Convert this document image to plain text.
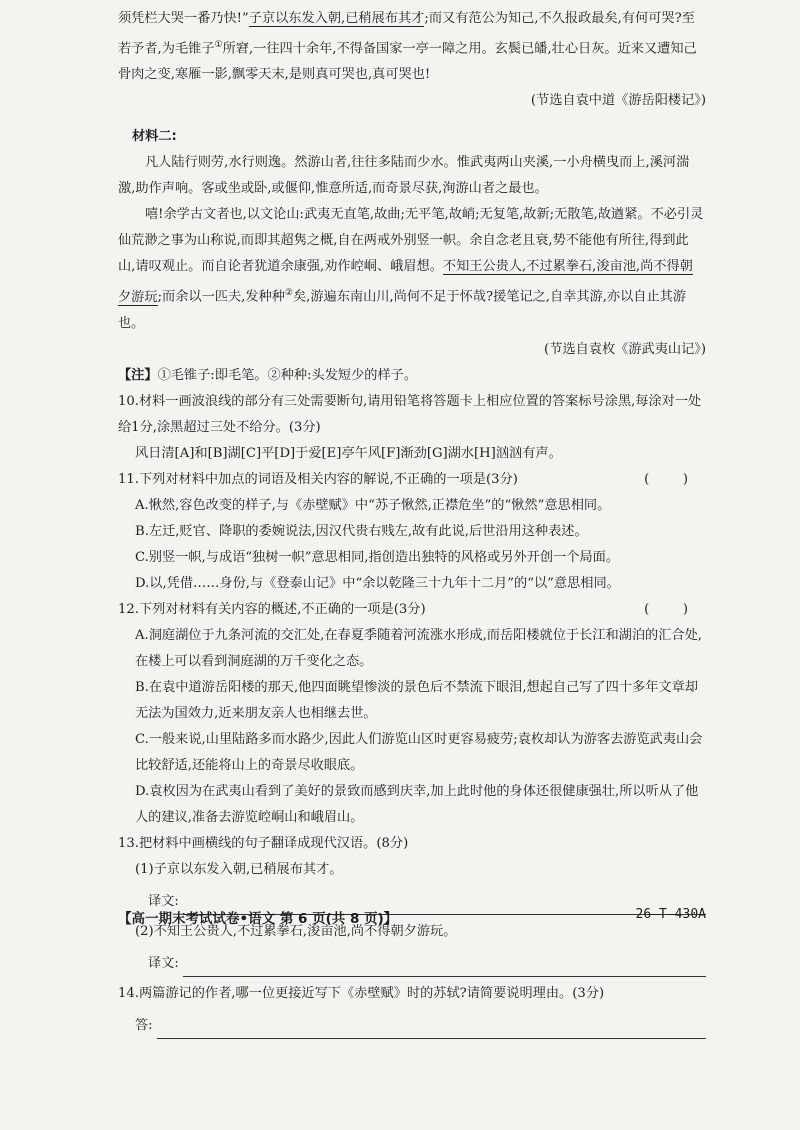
须凭栏大哭一番乃快!”子京以东发入朝,已稍展布其才;而又有范公为知己,不久报政最矣,有何可哭?至若予者,为毛锥子①所窘,一往四十余年,不得备国家一亭一障之用。玄鬓已皤,壮心日灰。近来又遭知己骨肉之变,寒雁一影,飘零天末,是则真可哭也,真可哭也!

(节选自袁中道《游岳阳楼记》)

材料二:

凡人陆行则劳,水行则逸。然游山者,往往多陆而少水。惟武夷两山夹溪,一小舟横曳而上,溪河湍激,助作声响。客或坐或卧,或偃仰,惟意所适,而奇景尽获,洵游山者之最也。

嘻!余学古文者也,以文论山:武夷无直笔,故曲;无平笔,故峭;无复笔,故新;无散笔,故遒紧。不必引灵仙荒渺之事为山称说,而即其超隽之概,自在两戒外别竖一帜。余自念老且衰,势不能他有所往,得到此山,请叹观止。而自论者犹道余康强,劝作崆峒、峨眉想。不知王公贵人,不过累拳石,浚亩池,尚不得朝夕游玩;而余以一匹夫,发种种②矣,游遍东南山川,尚何不足于怀哉?援笔记之,自幸其游,亦以自止其游也。

(节选自袁枚《游武夷山记》)

【注】①毛锥子:即毛笔。②种种:头发短少的样子。

10.材料一画波浪线的部分有三处需要断句,请用铅笔将答题卡上相应位置的答案标号涂黑,每涂对一处给1分,涂黑超过三处不给分。(3分)

风日清[A]和[B]湖[C]平[D]于爱[E]亭午风[F]渐劲[G]湖水[H]汹汹有声。

11.下列对材料中加点的词语及相关内容的解说,不正确的一项是(3分)	(        )

A.愀然,容色改变的样子,与《赤壁赋》中“苏子愀然,正襟危坐”的“愀然”意思相同。

B.左迁,贬官、降职的委婉说法,因汉代贵右贱左,故有此说,后世沿用这种表述。

C.别竖一帜,与成语“独树一帜”意思相同,指创造出独特的风格或另外开创一个局面。

D.以,凭借……身份,与《登泰山记》中“余以乾隆三十九年十二月”的“以”意思相同。

12.下列对材料有关内容的概述,不正确的一项是(3分)	(        )

A.洞庭湖位于九条河流的交汇处,在春夏季随着河流涨水形成,而岳阳楼就位于长江和湖泊的汇合处,在楼上可以看到洞庭湖的万千变化之态。

B.在袁中道游岳阳楼的那天,他四面眺望惨淡的景色后不禁流下眼泪,想起自己写了四十多年文章却无法为国效力,近来朋友亲人也相继去世。

C.一般来说,山里陆路多而水路少,因此人们游览山区时更容易疲劳;袁枚却认为游客去游览武夷山会比较舒适,还能将山上的奇景尽收眼底。

D.袁枚因为在武夷山看到了美好的景致而感到庆幸,加上此时他的身体还很健康强壮,所以听从了他人的建议,准备去游览崆峒山和峨眉山。

13.把材料中画横线的句子翻译成现代汉语。(8分)

(1)子京以东发入朝,已稍展布其才。

译文:

(2)不知王公贵人,不过累拳石,浚亩池,尚不得朝夕游玩。

译文:

14.两篇游记的作者,哪一位更接近写下《赤壁赋》时的苏轼?请简要说明理由。(3分)

答:
【高一期末考试试卷•语文 第 6 页(共 8 页)】	26—T—430A
